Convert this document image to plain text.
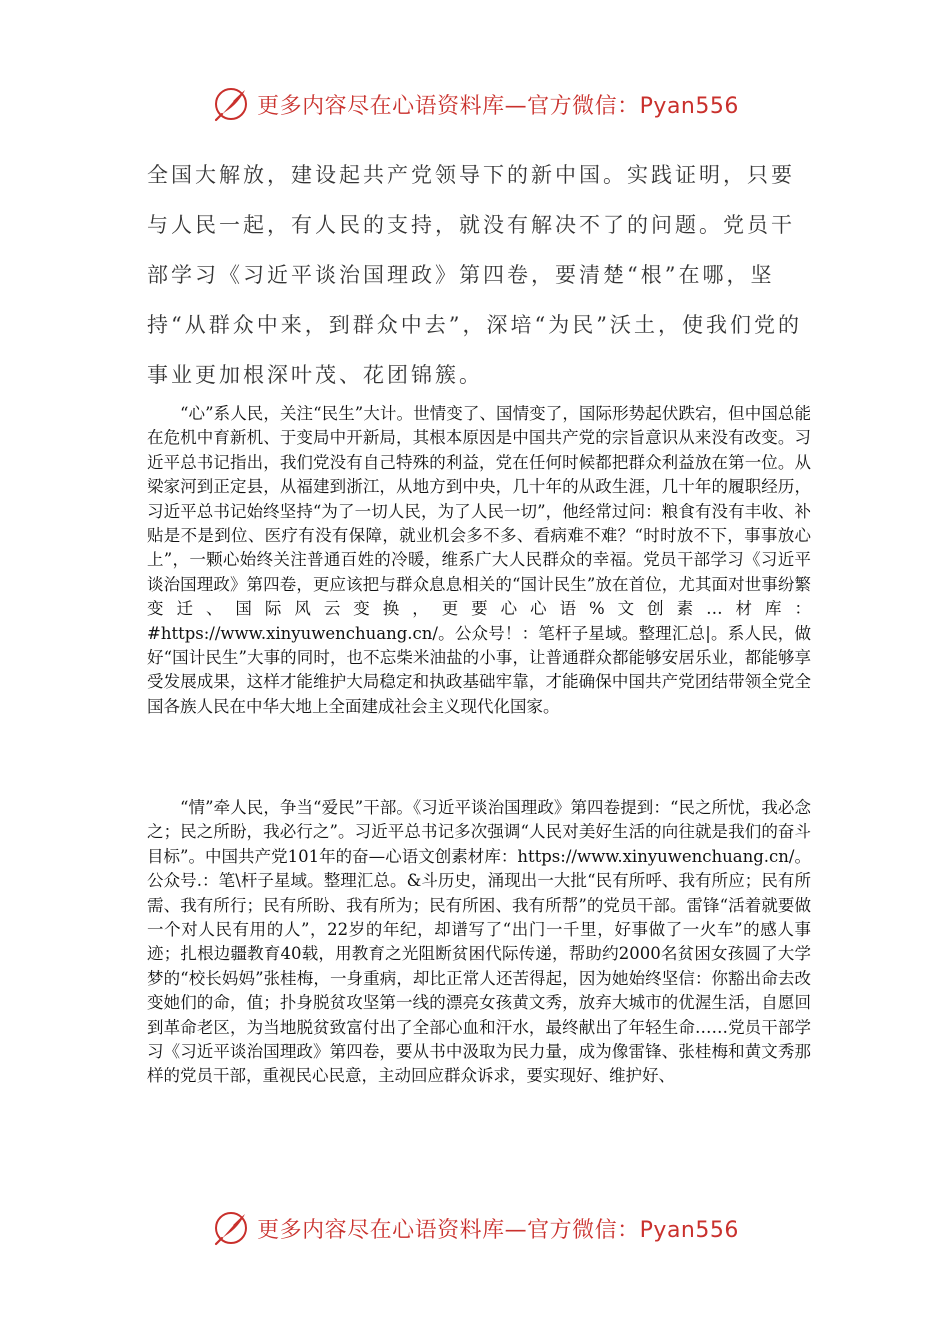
更多内容尽在心语资料库—官方微信：Pyan556

全国大解放，建设起共产党领导下的新中国。实践证明，只要与人民一起，有人民的支持，就没有解决不了的问题。党员干部学习《习近平谈治国理政》第四卷，要清楚“根”在哪，坚持“从群众中来，到群众中去”，深培“为民”沃土，使我们党的事业更加根深叶茂、花团锦簇。

“心”系人民，关注“民生”大计。世情变了、国情变了，国际形势起伏跌宕，但中国总能在危机中育新机、于变局中开新局，其根本原因是中国共产党的宗旨意识从来没有改变。习近平总书记指出，我们党没有自己特殊的利益，党在任何时候都把群众利益放在第一位。从梁家河到正定县，从福建到浙江，从地方到中央，几十年的从政生涯，几十年的履职经历，习近平总书记始终坚持“为了一切人民，为了人民一切”，他经常过问：粮食有没有丰收、补贴是不是到位、医疗有没有保障，就业机会多不多、看病难不难？“时时放不下，事事放心上”，一颗心始终关注普通百姓的冷暖，维系广大人民群众的幸福。党员干部学习《习近平谈治国理政》第四卷，更应该把与群众息息相关的“国计民生”放在首位，尤其面对世事纷繁变迁、国际风云变换，更要心心语%文创素…材库：#https://www.xinyuwenchuang.cn/。公众号！：笔杆子星域。整理汇总|。系人民，做好“国计民生”大事的同时，也不忘柴米油盐的小事，让普通群众都能够安居乐业，都能够享受发展成果，这样才能维护大局稳定和执政基础牢靠，才能确保中国共产党团结带领全党全国各族人民在中华大地上全面建成社会主义现代化国家。

“情”牵人民，争当“爱民”干部。《习近平谈治国理政》第四卷提到：“民之所忧，我必念之；民之所盼，我必行之”。习近平总书记多次强调“人民对美好生活的向往就是我们的奋斗目标”。中国共产党101年的奋—心语文创素材库：https://www.xinyuwenchuang.cn/。公众号.：笔\杆子星域。整理汇总。&斗历史，涌现出一大批“民有所呼、我有所应；民有所需、我有所行；民有所盼、我有所为；民有所困、我有所帮”的党员干部。雷锋“活着就要做一个对人民有用的人”，22岁的年纪，却谱写了“出门一千里，好事做了一火车”的感人事迹；扎根边疆教育40载，用教育之光阻断贫困代际传递，帮助约2000名贫困女孩圆了大学梦的“校长妈妈”张桂梅，一身重病，却比正常人还苦得起，因为她始终坚信：你豁出命去改变她们的命，值；扑身脱贫攻坚第一线的漂亮女孩黄文秀，放弃大城市的优渥生活，自愿回到革命老区，为当地脱贫致富付出了全部心血和汗水，最终献出了年轻生命……党员干部学习《习近平谈治国理政》第四卷，要从书中汲取为民力量，成为像雷锋、张桂梅和黄文秀那样的党员干部，重视民心民意，主动回应群众诉求，要实现好、维护好、

更多内容尽在心语资料库—官方微信：Pyan556
